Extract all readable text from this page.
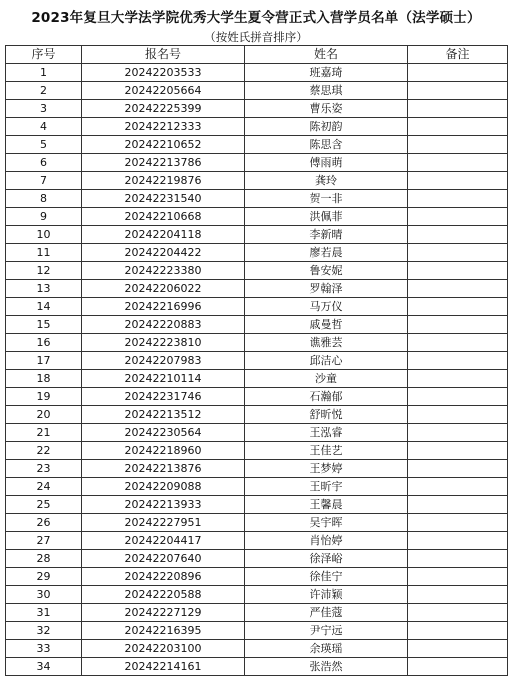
2023年复旦大学法学院优秀大学生夏令营正式入营学员名单（法学硕士）
（按姓氏拼音排序）
序号	报名号	姓名	备注
1	20242203533	班嘉琦	
2	20242205664	蔡思琪	
3	20242225399	曹乐姿	
4	20242212333	陈初韵	
5	20242210652	陈思含	
6	20242213786	傅雨萌	
7	20242219876	龚玲	
8	20242231540	贺一非	
9	20242210668	洪佩菲	
10	20242204118	李新晴	
11	20242204422	廖若晨	
12	20242223380	鲁安妮	
13	20242206022	罗翰泽	
14	20242216996	马万仪	
15	20242220883	戚曼哲	
16	20242223810	谯雅芸	
17	20242207983	邱洁心	
18	20242210114	沙童	
19	20242231746	石瀚郁	
20	20242213512	舒昕悦	
21	20242230564	王泓睿	
22	20242218960	王佳艺	
23	20242213876	王梦婷	
24	20242209088	王昕宇	
25	20242213933	王馨晨	
26	20242227951	吴宇晖	
27	20242204417	肖怡婷	
28	20242207640	徐泽峪	
29	20242220896	徐佳宁	
30	20242220588	许沛颖	
31	20242227129	严佳蔻	
32	20242216395	尹宁远	
33	20242203100	余瑛瑶	
34	20242214161	张浩然	
